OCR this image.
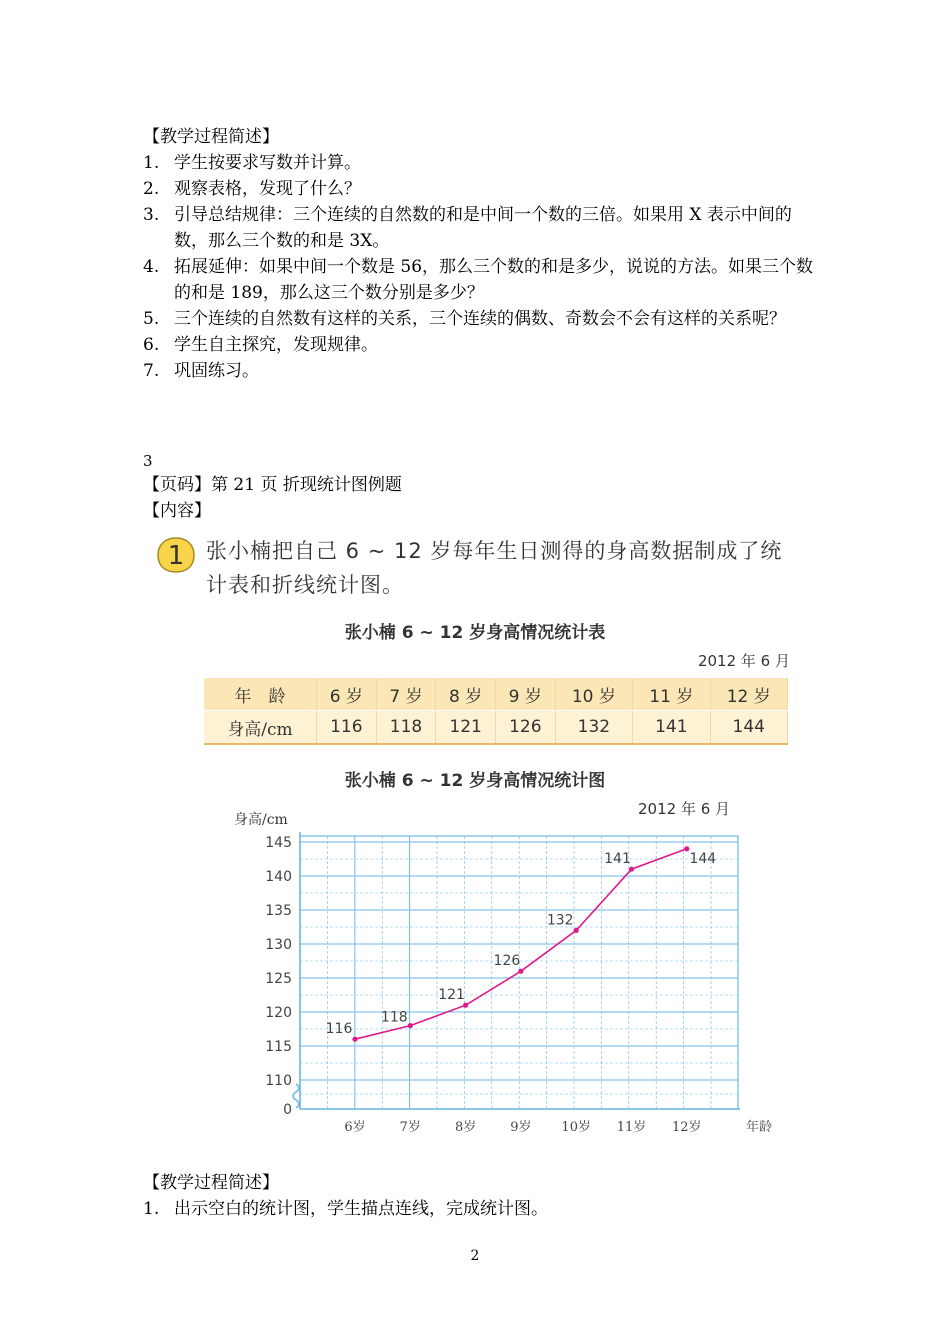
【教学过程简述】
1. 学生按要求写数并计算。
2. 观察表格，发现了什么？
3. 引导总结规律：三个连续的自然数的和是中间一个数的三倍。如果用 X 表示中间的数，那么三个数的和是 3X。
4. 拓展延伸：如果中间一个数是 56，那么三个数的和是多少，说说的方法。如果三个数的和是 189，那么这三个数分别是多少？
5. 三个连续的自然数有这样的关系，三个连续的偶数、奇数会不会有这样的关系呢？
6. 学生自主探究，发现规律。
7. 巩固练习。
3
【页码】第 21 页 折现统计图例题
【内容】
1 张小楠把自己 6 ~ 12 岁每年生日测得的身高数据制成了统计表和折线统计图。
张小楠 6 ~ 12 岁身高情况统计表
2012 年 6 月
年　龄	6 岁	7 岁	8 岁	9 岁	10 岁	11 岁	12 岁
身高/cm	116	118	121	126	132	141	144
张小楠 6 ~ 12 岁身高情况统计图
2012 年 6 月
身高/cm
0
110
115
120
125
130
135
140
145
6岁	7岁	8岁	9岁 10岁 11岁 12岁	年龄
116
118
121
126
132
141	144
【教学过程简述】
1. 出示空白的统计图，学生描点连线，完成统计图。
2
